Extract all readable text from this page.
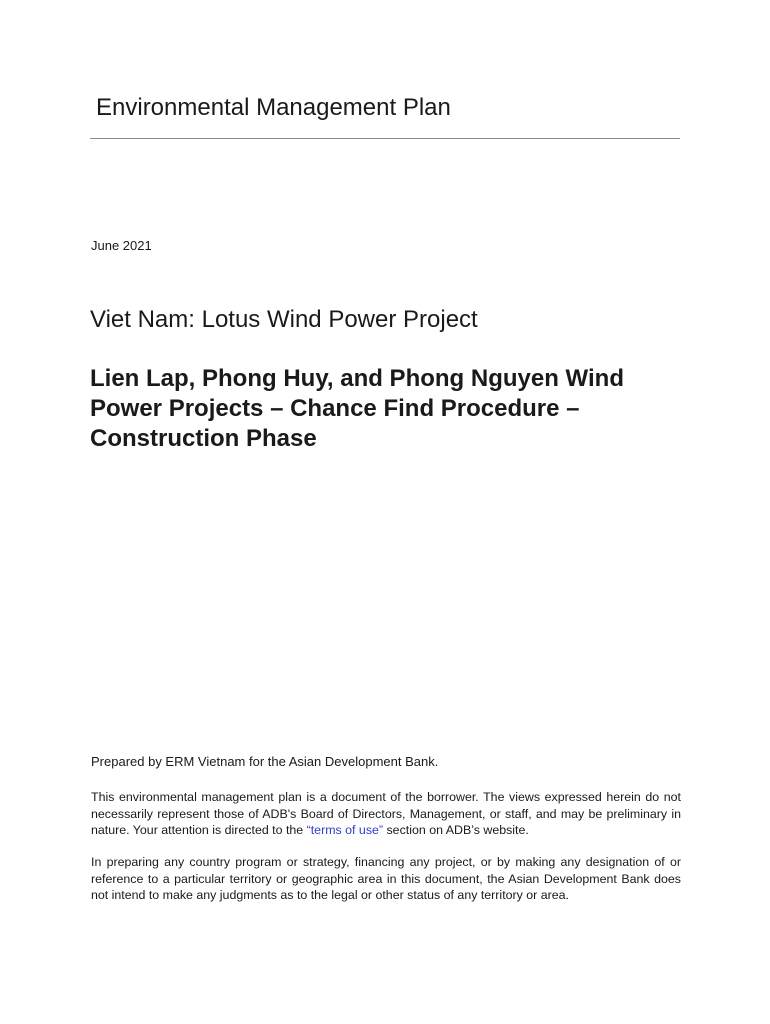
Environmental Management Plan
June 2021
Viet Nam: Lotus Wind Power Project
Lien Lap, Phong Huy, and Phong Nguyen Wind
Power Projects – Chance Find Procedure –
Construction Phase
Prepared by ERM Vietnam for the Asian Development Bank.

This environmental management plan is a document of the borrower. The views expressed herein do not necessarily represent those of ADB's Board of Directors, Management, or staff, and may be preliminary in nature. Your attention is directed to the “terms of use” section on ADB’s website.

In preparing any country program or strategy, financing any project, or by making any designation of or reference to a particular territory or geographic area in this document, the Asian Development Bank does not intend to make any judgments as to the legal or other status of any territory or area.
